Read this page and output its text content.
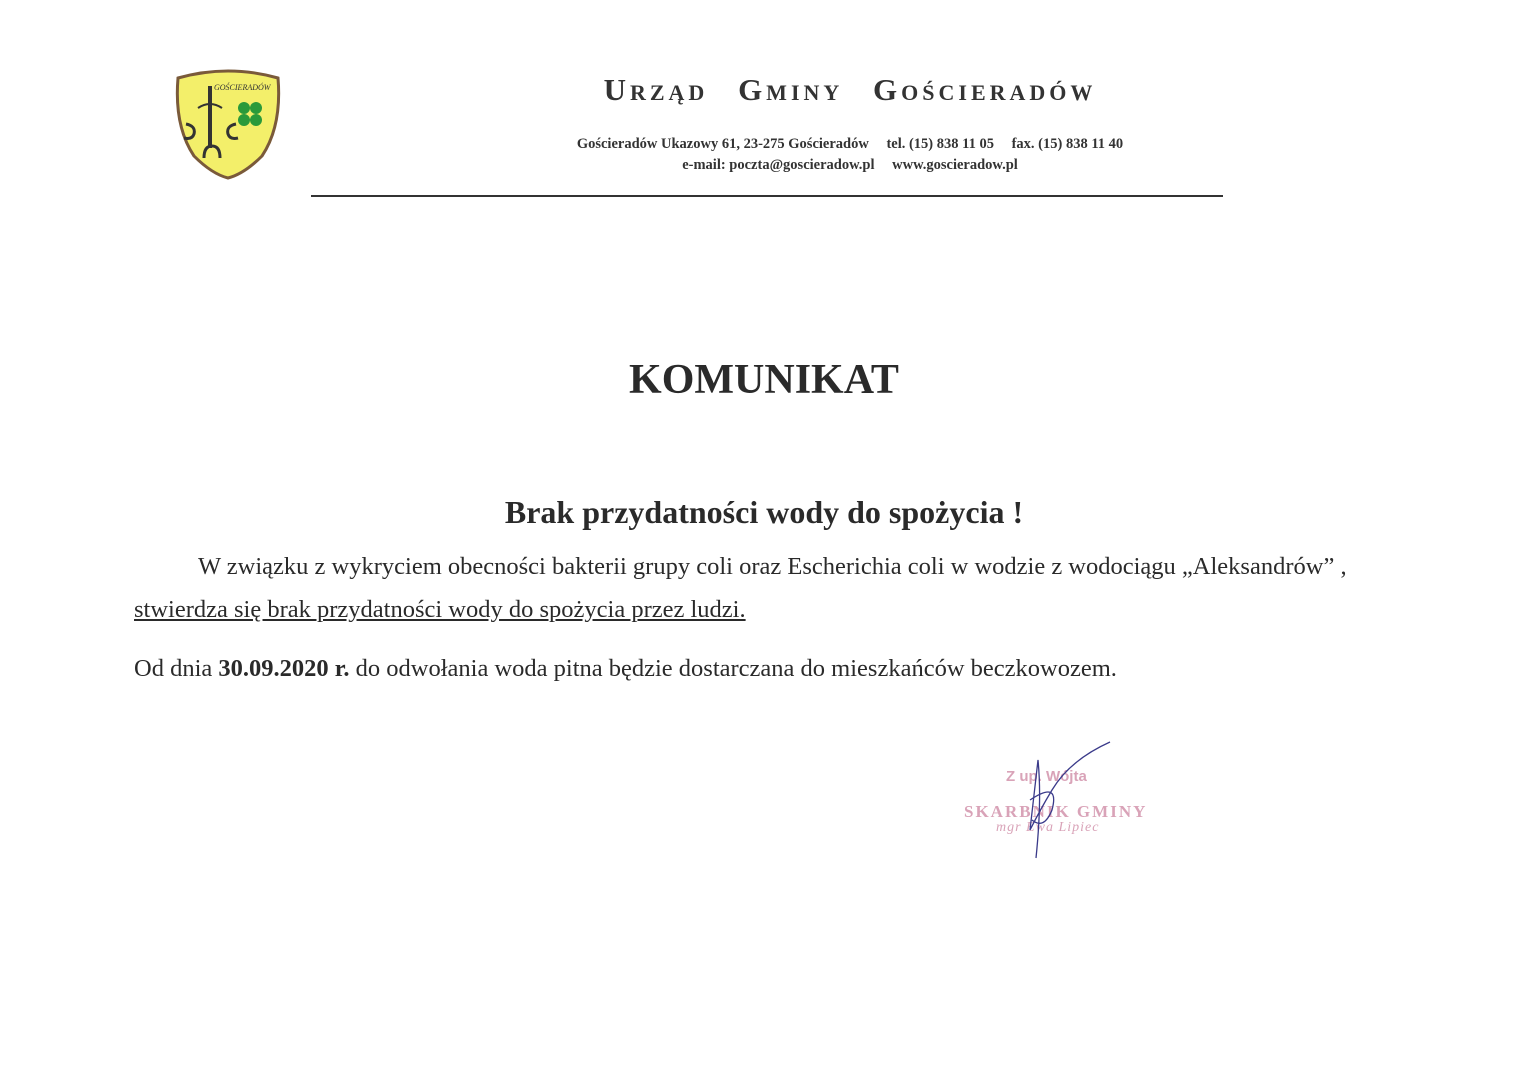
GOŚCIERADÓW	Urząd Gminy Gościeradów
Gościeradów Ukazowy 61, 23-275 Gościeradów tel. (15) 838 11 05 fax. (15) 838 11 40
e-mail: poczta@goscieradow.pl www.goscieradow.pl
KOMUNIKAT
Brak przydatności wody do spożycia !
W związku z wykryciem obecności bakterii grupy coli oraz Escherichia coli w wodzie z wodociągu „Aleksandrów” ,
stwierdza się brak przydatności wody do spożycia przez ludzi.
Od dnia 30.09.2020 r. do odwołania woda pitna będzie dostarczana do mieszkańców beczkowozem.
Z up. Wójta
SKARBNIK GMINY
mgr Ewa Lipiec
